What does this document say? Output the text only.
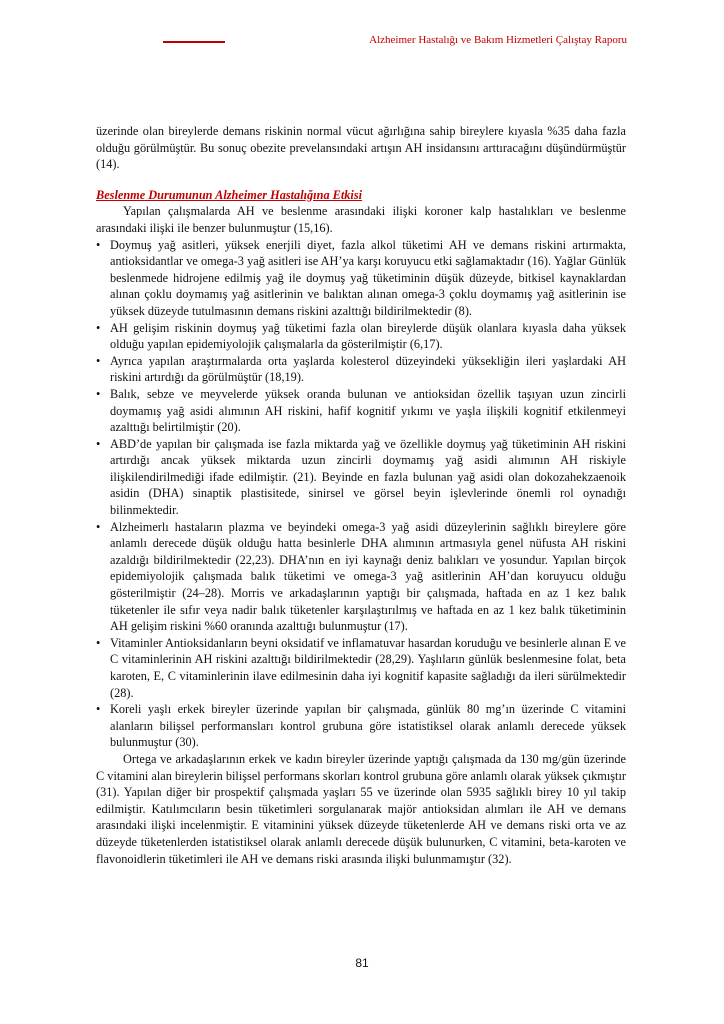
Alzheimer Hastalığı ve Bakım Hizmetleri Çalıştay Raporu

üzerinde olan bireylerde demans riskinin normal vücut ağırlığına sahip bireylere kıyasla %35 daha fazla olduğu görülmüştür. Bu sonuç obezite prevelansındaki artışın AH insidansını arttıracağını düşündürmüştür (14).

Beslenme Durumunun Alzheimer Hastalığına Etkisi

Yapılan çalışmalarda AH ve beslenme arasındaki ilişki koroner kalp hastalıkları ve beslenme arasındaki ilişki ile benzer bulunmuştur (15,16).

• Doymuş yağ asitleri, yüksek enerjili diyet, fazla alkol tüketimi AH ve demans riskini artırmakta, antioksidantlar ve omega-3 yağ asitleri ise AH’ya karşı koruyucu etki sağlamaktadır (16). Yağlar Günlük beslenmede hidrojene edilmiş yağ ile doymuş yağ tüketiminin düşük düzeyde, bitkisel kaynaklardan alınan çoklu doymamış yağ asitlerinin ve balıktan alınan omega-3 çoklu doymamış yağ asitlerinin ise yüksek düzeyde tutulmasının demans riskini azalttığı bildirilmektedir (8).
• AH gelişim riskinin doymuş yağ tüketimi fazla olan bireylerde düşük olanlara kıyasla daha yüksek olduğu yapılan epidemiyolojik çalışmalarla da gösterilmiştir (6,17).
• Ayrıca yapılan araştırmalarda orta yaşlarda kolesterol düzeyindeki yüksekliğin ileri yaşlardaki AH riskini artırdığı da görülmüştür (18,19).
• Balık, sebze ve meyvelerde yüksek oranda bulunan ve antioksidan özellik taşıyan uzun zincirli doymamış yağ asidi alımının AH riskini, hafif kognitif yıkımı ve yaşla ilişkili kognitif etkilenmeyi azalttığı belirtilmiştir (20).
• ABD’de yapılan bir çalışmada ise fazla miktarda yağ ve özellikle doymuş yağ tüketiminin AH riskini artırdığı ancak yüksek miktarda uzun zincirli doymamış yağ asidi alımının AH riskiyle ilişkilendirilmediği ifade edilmiştir. (21). Beyinde en fazla bulunan yağ asidi olan dokozahekzaenoik asidin (DHA) sinaptik plastisitede, sinirsel ve görsel beyin işlevlerinde önemli rol oynadığı bilinmektedir.
• Alzheimerlı hastaların plazma ve beyindeki omega-3 yağ asidi düzeylerinin sağlıklı bireylere göre anlamlı derecede düşük olduğu hatta besinlerle DHA alımının artmasıyla genel nüfusta AH riskini azaldığı bildirilmektedir (22,23). DHA’nın en iyi kaynağı deniz balıkları ve yosundur. Yapılan birçok epidemiyolojik çalışmada balık tüketimi ve omega-3 yağ asitlerinin AH’dan koruyucu olduğu gösterilmiştir (24–28). Morris ve arkadaşlarının yaptığı bir çalışmada, haftada en az 1 kez balık tüketenler ile sıfır veya nadir balık tüketenler karşılaştırılmış ve haftada en az 1 kez balık tüketiminin AH gelişim riskini %60 oranında azalttığı bulunmuştur (17).
• Vitaminler Antioksidanların beyni oksidatif ve inflamatuvar hasardan koruduğu ve besinlerle alınan E ve C vitaminlerinin AH riskini azalttığı bildirilmektedir (28,29). Yaşlıların günlük beslenmesine folat, beta karoten, E, C vitaminlerinin ilave edilmesinin daha iyi kognitif kapasite sağladığı da ileri sürülmektedir (28).
• Koreli yaşlı erkek bireyler üzerinde yapılan bir çalışmada, günlük 80 mg’ın üzerinde C vitamini alanların bilişsel performansları kontrol grubuna göre istatistiksel olarak anlamlı derecede yüksek bulunmuştur (30).

Ortega ve arkadaşlarının erkek ve kadın bireyler üzerinde yaptığı çalışmada da 130 mg/gün üzerinde C vitamini alan bireylerin bilişsel performans skorları kontrol grubuna göre anlamlı olarak yüksek çıkmıştır (31). Yapılan diğer bir prospektif çalışmada yaşları 55 ve üzerinde olan 5935 sağlıklı birey 10 yıl takip edilmiştir. Katılımcıların besin tüketimleri sorgulanarak majör antioksidan alımları ile AH ve demans arasındaki ilişki incelenmiştir. E vitaminini yüksek düzeyde tüketenlerde AH ve demans riski orta ve az düzeyde tüketenlerden istatistiksel olarak anlamlı derecede düşük bulunurken, C vitamini, beta-karoten ve flavonoidlerin tüketimleri ile AH ve demans riski arasında ilişki bulunmamıştır (32).

81
